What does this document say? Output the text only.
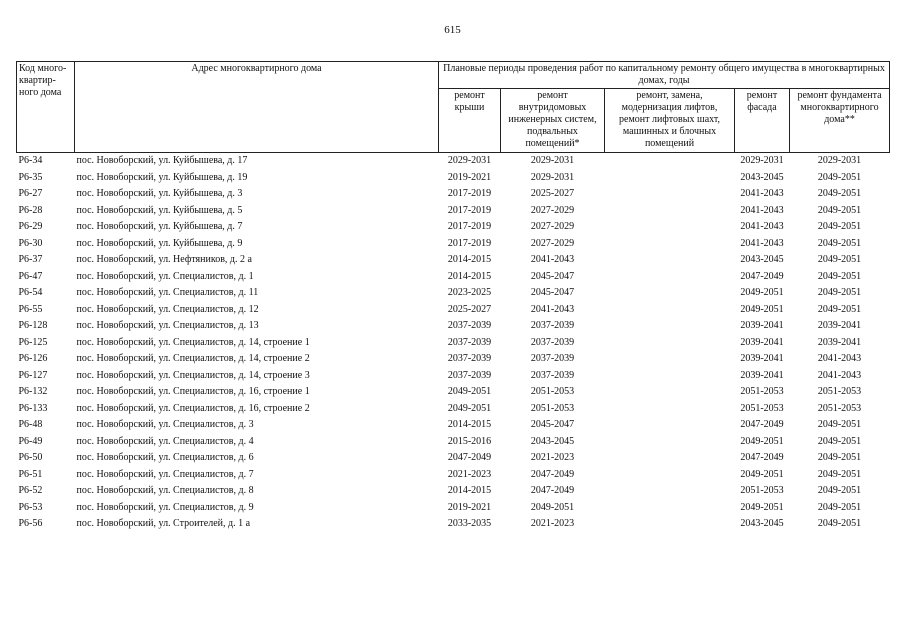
615
Код много-
квартир-
ного дома	Адрес многоквартирного дома	Плановые периоды проведения работ по капитальному ремонту общего имущества в многоквартирных домах, годы				
		ремонт крыши	ремонт внутридомовых инженерных систем, подвальных помещений*	ремонт, замена, модернизация лифтов, ремонт лифтовых шахт, машинных и блочных помещений	ремонт фасада	ремонт фундамента многоквартирного дома**
Р6-34	пос. Новоборский, ул. Куйбышева, д. 17	2029-2031	2029-2031		2029-2031	2029-2031
Р6-35	пос. Новоборский, ул. Куйбышева, д. 19	2019-2021	2029-2031		2043-2045	2049-2051
Р6-27	пос. Новоборский, ул. Куйбышева, д. 3	2017-2019	2025-2027		2041-2043	2049-2051
Р6-28	пос. Новоборский, ул. Куйбышева, д. 5	2017-2019	2027-2029		2041-2043	2049-2051
Р6-29	пос. Новоборский, ул. Куйбышева, д. 7	2017-2019	2027-2029		2041-2043	2049-2051
Р6-30	пос. Новоборский, ул. Куйбышева, д. 9	2017-2019	2027-2029		2041-2043	2049-2051
Р6-37	пос. Новоборский, ул. Нефтяников, д. 2 а	2014-2015	2041-2043		2043-2045	2049-2051
Р6-47	пос. Новоборский, ул. Специалистов, д. 1	2014-2015	2045-2047		2047-2049	2049-2051
Р6-54	пос. Новоборский, ул. Специалистов, д. 11	2023-2025	2045-2047		2049-2051	2049-2051
Р6-55	пос. Новоборский, ул. Специалистов, д. 12	2025-2027	2041-2043		2049-2051	2049-2051
Р6-128	пос. Новоборский, ул. Специалистов, д. 13	2037-2039	2037-2039		2039-2041	2039-2041
Р6-125	пос. Новоборский, ул. Специалистов, д. 14, строение 1	2037-2039	2037-2039		2039-2041	2039-2041
Р6-126	пос. Новоборский, ул. Специалистов, д. 14, строение 2	2037-2039	2037-2039		2039-2041	2041-2043
Р6-127	пос. Новоборский, ул. Специалистов, д. 14, строение 3	2037-2039	2037-2039		2039-2041	2041-2043
Р6-132	пос. Новоборский, ул. Специалистов, д. 16, строение 1	2049-2051	2051-2053		2051-2053	2051-2053
Р6-133	пос. Новоборский, ул. Специалистов, д. 16, строение 2	2049-2051	2051-2053		2051-2053	2051-2053
Р6-48	пос. Новоборский, ул. Специалистов, д. 3	2014-2015	2045-2047		2047-2049	2049-2051
Р6-49	пос. Новоборский, ул. Специалистов, д. 4	2015-2016	2043-2045		2049-2051	2049-2051
Р6-50	пос. Новоборский, ул. Специалистов, д. 6	2047-2049	2021-2023		2047-2049	2049-2051
Р6-51	пос. Новоборский, ул. Специалистов, д. 7	2021-2023	2047-2049		2049-2051	2049-2051
Р6-52	пос. Новоборский, ул. Специалистов, д. 8	2014-2015	2047-2049		2051-2053	2049-2051
Р6-53	пос. Новоборский, ул. Специалистов, д. 9	2019-2021	2049-2051		2049-2051	2049-2051
Р6-56	пос. Новоборский, ул. Строителей, д. 1 а	2033-2035	2021-2023		2043-2045	2049-2051
